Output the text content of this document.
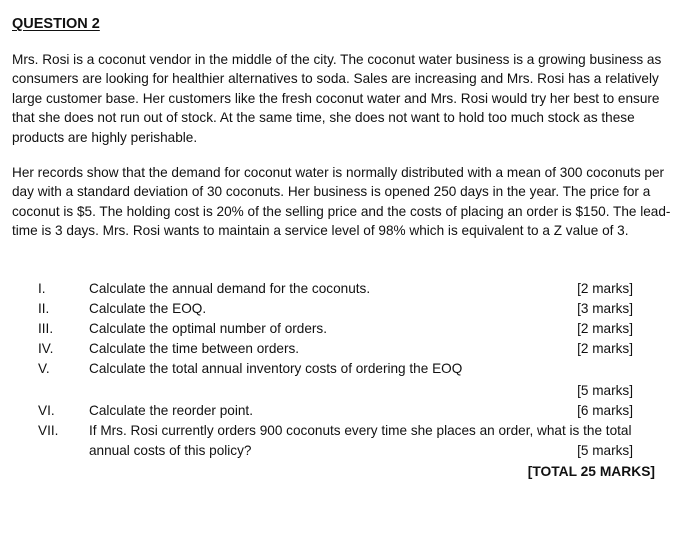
QUESTION 2
Mrs. Rosi is a coconut vendor in the middle of the city. The coconut water business is a growing business as consumers are looking for healthier alternatives to soda. Sales are increasing and Mrs. Rosi has a relatively large customer base. Her customers like the fresh coconut water and Mrs. Rosi would try her best to ensure that she does not run out of stock. At the same time, she does not want to hold too much stock as these products are highly perishable.
Her records show that the demand for coconut water is normally distributed with a mean of 300 coconuts per day with a standard deviation of 30 coconuts. Her business is opened 250 days in the year. The price for a coconut is $5. The holding cost is 20% of the selling price and the costs of placing an order is $150. The lead-time is 3 days. Mrs. Rosi wants to maintain a service level of 98% which is equivalent to a Z value of 3.
I.	Calculate the annual demand for the coconuts.	[2 marks]
II.	Calculate the EOQ.	[3 marks]
III.	Calculate the optimal number of orders.	[2 marks]
IV.	Calculate the time between orders.	[2 marks]
V.	Calculate the total annual inventory costs of ordering the EOQ
[5 marks]
VI.	Calculate the reorder point.	[6 marks]
VII. If Mrs. Rosi currently orders 900 coconuts every time she places an order, what is the total
annual costs of this policy?	[5 marks]
[TOTAL 25 MARKS]
